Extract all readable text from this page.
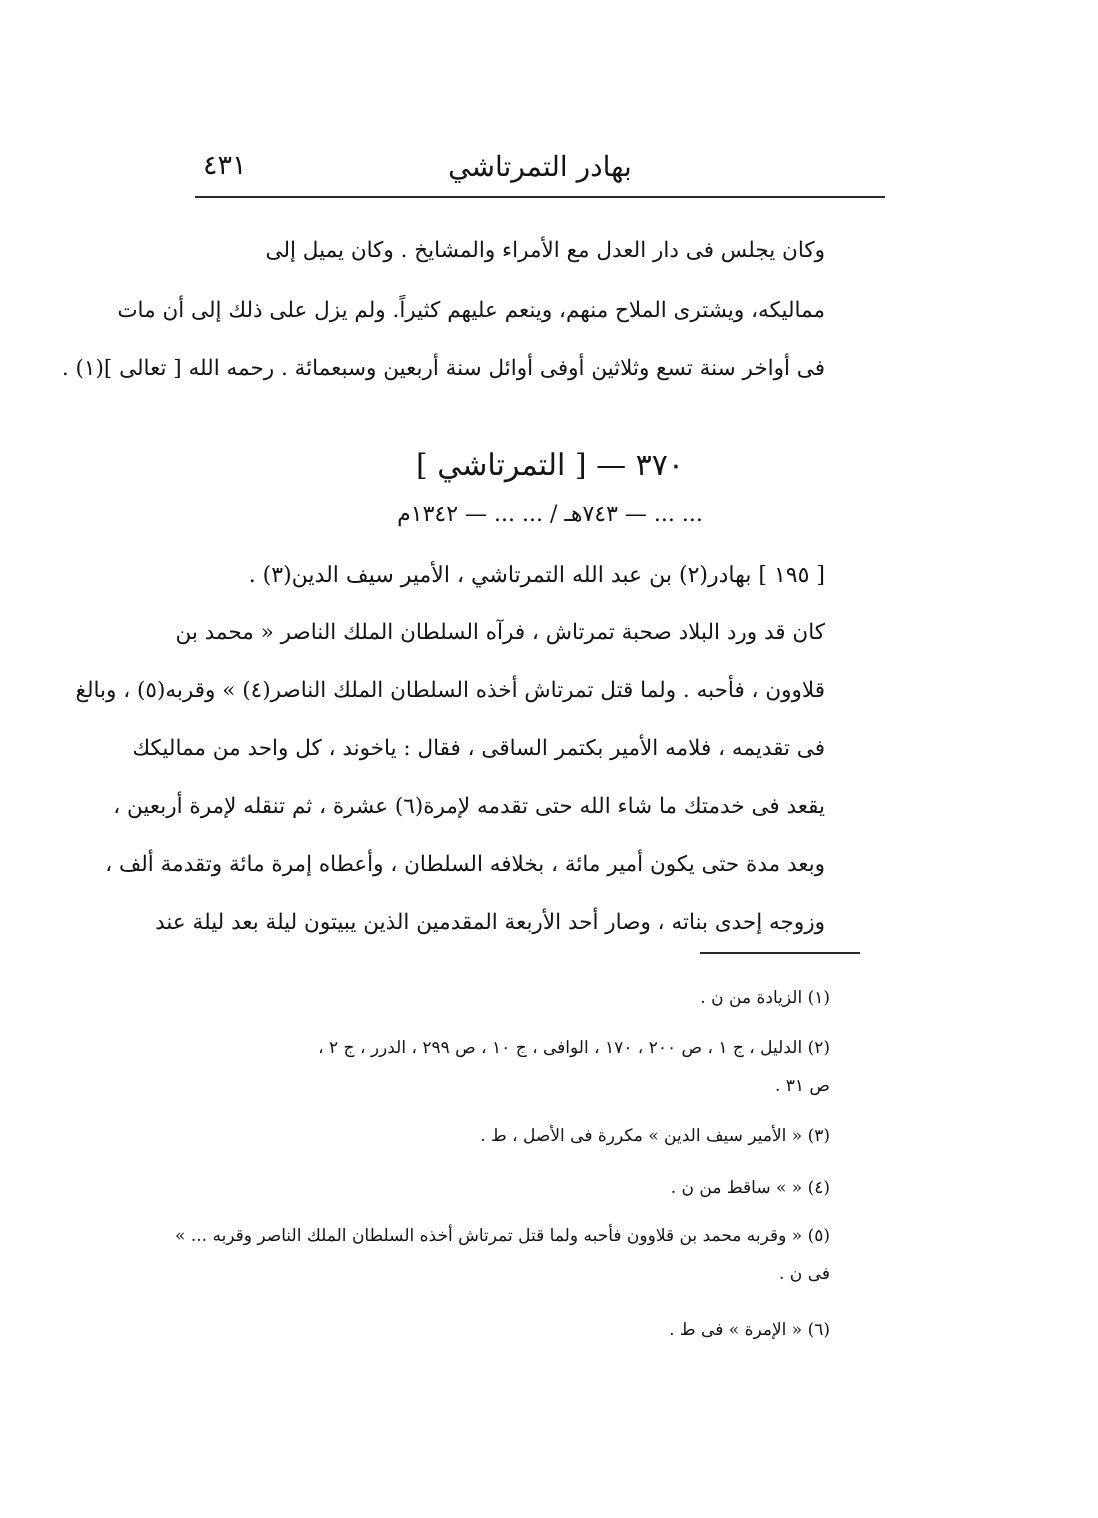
٤٣١	بهادر التمرتاشي
وكان يجلس فى دار العدل مع الأمراء والمشايخ . وكان يميل إلى
مماليكه، ويشترى الملاح منهم، وينعم عليهم كثيراً. ولم يزل على ذلك إلى أن مات
فى أواخر سنة تسع وثلاثين أوفى أوائل سنة أربعين وسبعمائة . رحمه الله [ تعالى ](١) .
٣٧٠ — [ التمرتاشي ]
... ... — ٧٤٣هـ / ... ... — ١٣٤٢م
[ ١٩٥ ] بهادر(٢) بن عبد الله التمرتاشي ، الأمير سيف الدين(٣) .
كان قد ورد البلاد صحبة تمرتاش ، فرآه السلطان الملك الناصر « محمد بن
قلاوون ، فأحبه . ولما قتل تمرتاش أخذه السلطان الملك الناصر(٤) » وقربه(٥) ، وبالغ
فى تقديمه ، فلامه الأمير بكتمر الساقى ، فقال : ياخوند ، كل واحد من مماليكك
يقعد فى خدمتك ما شاء الله حتى تقدمه لإمرة(٦) عشرة ، ثم تنقله لإمرة أربعين ،
وبعد مدة حتى يكون أمير مائة ، بخلافه السلطان ، وأعطاه إمرة مائة وتقدمة ألف ،
وزوجه إحدى بناته ، وصار أحد الأربعة المقدمين الذين يبيتون ليلة بعد ليلة عند
(١) الزيادة من ن .
(٢) الدليل ، ج ١ ، ص ٢٠٠ ، ١٧٠ ، الوافى ، ج ١٠ ، ص ٢٩٩ ، الدرر ، ج ٢ ،
ص ٣١ .
(٣) « الأمير سيف الدين » مكررة فى الأصل ، ط .
(٤) « » ساقط من ن .
(٥) « وقربه محمد بن قلاوون فأحبه ولما قتل تمرتاش أخذه السلطان الملك الناصر وقربه ... »
فى ن .
(٦) « الإمرة » فى ط .
